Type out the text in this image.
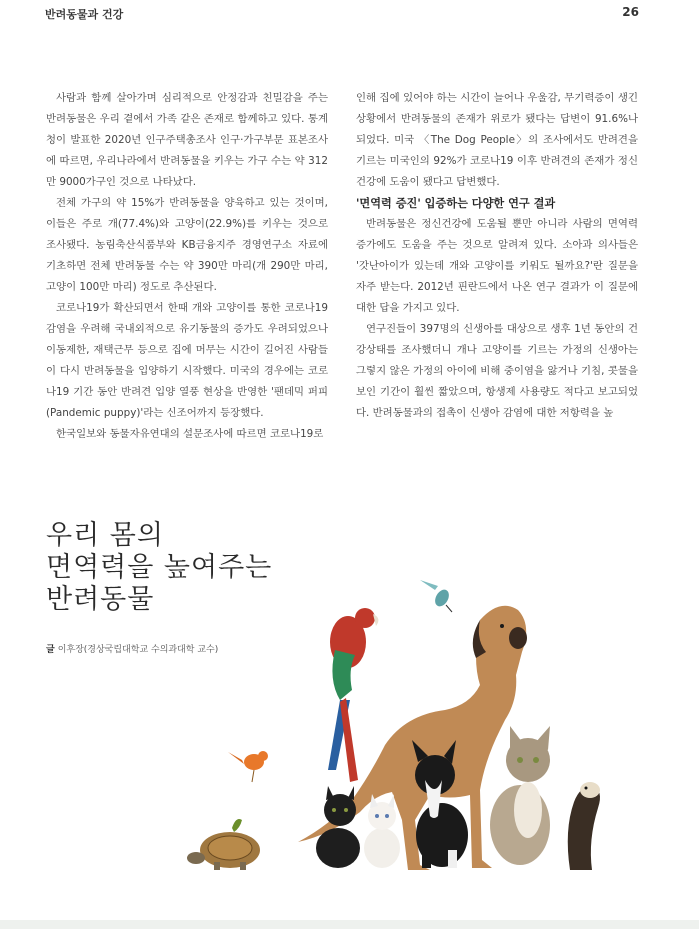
반려동물과 건강	26

사람과 함께 살아가며 심리적으로 안정감과 친밀감을 주는 반려동물은 우리 곁에서 가족 같은 존재로 함께하고 있다. 통계청이 발표한 2020년 인구주택총조사 인구·가구부문 표본조사에 따르면, 우리나라에서 반려동물을 키우는 가구 수는 약 312만 9000가구인 것으로 나타났다.

전체 가구의 약 15%가 반려동물을 양육하고 있는 것이며, 이들은 주로 개(77.4%)와 고양이(22.9%)를 키우는 것으로 조사됐다. 농림축산식품부와 KB금융지주 경영연구소 자료에 기초하면 전체 반려동물 수는 약 390만 마리(개 290만 마리, 고양이 100만 마리) 정도로 추산된다.

코로나19가 확산되면서 한때 개와 고양이를 통한 코로나19 감염을 우려해 국내외적으로 유기동물의 증가도 우려되었으나 이동제한, 재택근무 등으로 집에 머무는 시간이 길어진 사람들이 다시 반려동물을 입양하기 시작했다. 미국의 경우에는 코로나19 기간 동안 반려견 입양 열풍 현상을 반영한 '팬데믹 퍼피(Pandemic puppy)'라는 신조어까지 등장했다.

한국일보와 동물자유연대의 설문조사에 따르면 코로나19로

인해 집에 있어야 하는 시간이 늘어나 우울감, 무기력증이 생긴 상황에서 반려동물의 존재가 위로가 됐다는 답변이 91.6%나 되었다. 미국 〈The Dog People〉의 조사에서도 반려견을 기르는 미국인의 92%가 코로나19 이후 반려견의 존재가 정신건강에 도움이 됐다고 답변했다.

'면역력 증진' 입증하는 다양한 연구 결과

반려동물은 정신건강에 도움될 뿐만 아니라 사람의 면역력 증가에도 도움을 주는 것으로 알려져 있다. 소아과 의사들은 '갓난아이가 있는데 개와 고양이를 키워도 될까요?'란 질문을 자주 받는다. 2012년 핀란드에서 나온 연구 결과가 이 질문에 대한 답을 가지고 있다.

연구진들이 397명의 신생아를 대상으로 생후 1년 동안의 건강상태를 조사했더니 개나 고양이를 기르는 가정의 신생아는 그렇지 않은 가정의 아이에 비해 중이염을 앓거나 기침, 콧물을 보인 기간이 훨씬 짧았으며, 항생제 사용량도 적다고 보고되었다. 반려동물과의 접촉이 신생아 감염에 대한 저항력을 높

우리 몸의
면역력을 높여주는
반려동물
글 이후장(경상국립대학교 수의과대학 교수)
